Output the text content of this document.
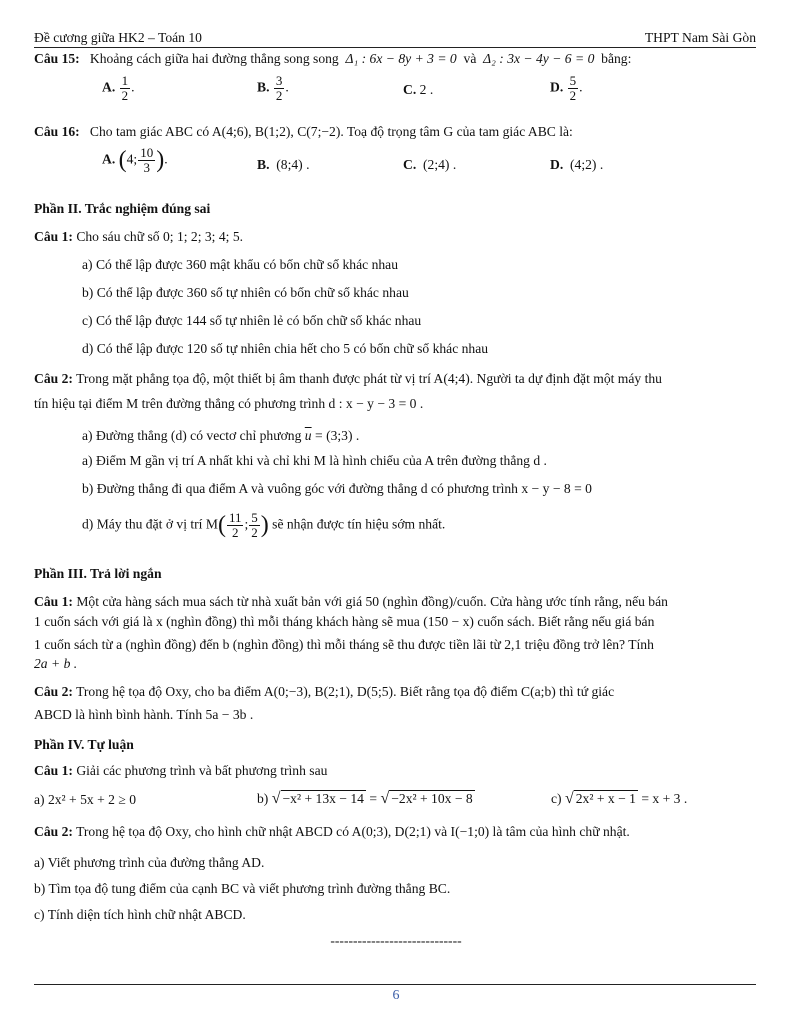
Đề cương giữa HK2 – Toán 10	THPT Nam Sài Gòn
Câu 15: Khoảng cách giữa hai đường thẳng song song Δ₁ : 6x − 8y + 3 = 0 và Δ₂ : 3x − 4y − 6 = 0 bằng:
A. $\frac{1}{2}$ .	B. $\frac{3}{2}$ .	C. 2 .	D. $\frac{5}{2}$ .
Câu 16: Cho tam giác ABC có A(4;6), B(1;2), C(7;−2). Toạ độ trọng tâm G của tam giác ABC là:
A. (4; $\frac{10}{3}$ ).	B. (8;4) .	C. (2;4) .	D. (4;2) .
Phần II. Trắc nghiệm đúng sai
Câu 1: Cho sáu chữ số 0; 1; 2; 3; 4; 5.
a) Có thể lập được 360 mật khẩu có bốn chữ số khác nhau
b) Có thể lập được 360 số tự nhiên có bốn chữ số khác nhau
c) Có thể lập được 144 số tự nhiên lẻ có bốn chữ số khác nhau
d) Có thể lập được 120 số tự nhiên chia hết cho 5 có bốn chữ số khác nhau
Câu 2: Trong mặt phẳng tọa độ, một thiết bị âm thanh được phát từ vị trí A(4;4). Người ta dự định đặt một máy thu
tín hiệu tại điểm M trên đường thẳng có phương trình d : x − y − 3 = 0 .
a) Đường thẳng (d) có vectơ chỉ phương $\overline{u}$ = (3;3) .
a) Điểm M gần vị trí A nhất khi và chỉ khi M là hình chiếu của A trên đường thẳng d .
b) Đường thẳng đi qua điểm A và vuông góc với đường thẳng d có phương trình x − y − 8 = 0
d) Máy thu đặt ở vị trí $M( \frac{11}{2}$ ; $\frac{5}{2}$ ) sẽ nhận được tín hiệu sớm nhất.
Phần III. Trả lời ngắn
Câu 1: Một cửa hàng sách mua sách từ nhà xuất bản với giá 50 (nghìn đồng)/cuốn. Cửa hàng ước tính rằng, nếu bán
1 cuốn sách với giá là x (nghìn đồng) thì mỗi tháng khách hàng sẽ mua (150 − x) cuốn sách. Biết rằng nếu giá bán
1 cuốn sách từ a (nghìn đồng) đến b (nghìn đồng) thì mỗi tháng sẽ thu được tiền lãi từ 2,1 triệu đồng trở lên? Tính
2a + b .
Câu 2: Trong hệ tọa độ Oxy, cho ba điểm A(0;−3), B(2;1), D(5;5). Biết rằng tọa độ điểm C(a;b) thì tứ giác
ABCD là hình bình hành. Tính 5a − 3b .
Phần IV. Tự luận
Câu 1: Giải các phương trình và bất phương trình sau
a) 2x² + 5x + 2 ≥ 0	b) √ −x² + 13x − 14 = √ −2x² + 10x − 8	c) √ 2x² + x − 1 = x + 3 .
Câu 2: Trong hệ tọa độ Oxy, cho hình chữ nhật ABCD có A(0;3), D(2;1) và I(−1;0) là tâm của hình chữ nhật.
a) Viết phương trình của đường thẳng AD.
b) Tìm tọa độ tung điểm của cạnh BC và viết phương trình đường thẳng BC.
c) Tính diện tích hình chữ nhật ABCD.
-----------------------------
6
